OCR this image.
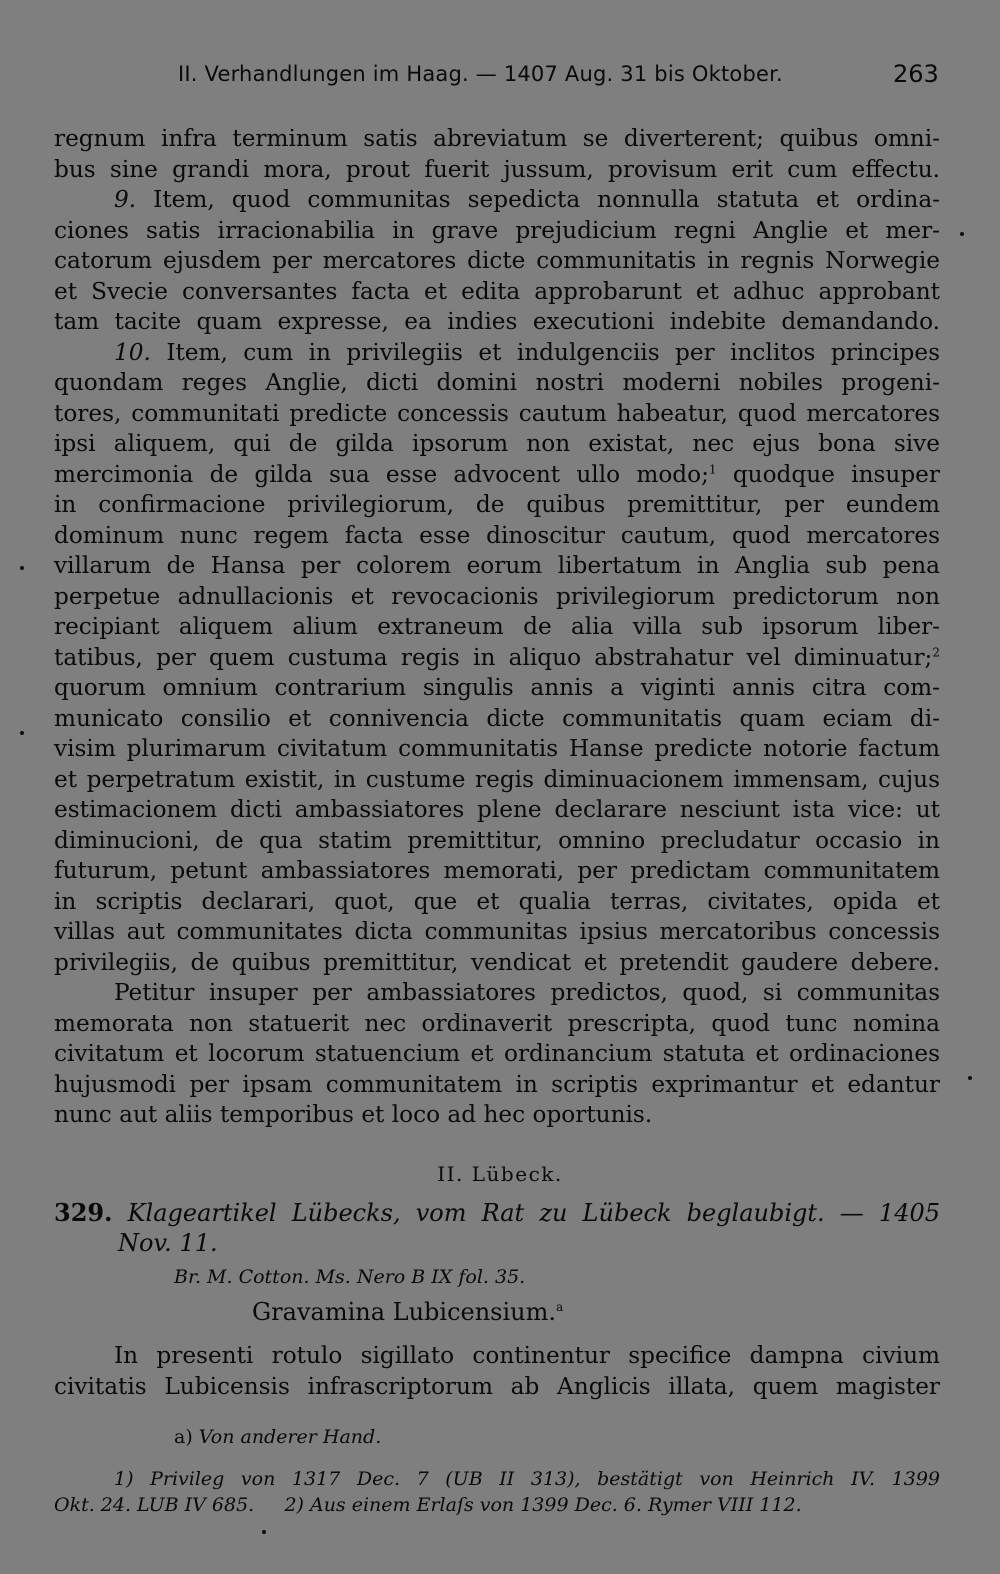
II. Verhandlungen im Haag. — 1407 Aug. 31 bis Oktober.	263
regnum infra terminum satis abreviatum se diverterent; quibus omni-
bus sine grandi mora, prout fuerit jussum, provisum erit cum effectu.
9. Item, quod communitas sepedicta nonnulla statuta et ordina-
ciones satis irracionabilia in grave prejudicium regni Anglie et mer-
catorum ejusdem per mercatores dicte communitatis in regnis Norwegie
et Svecie conversantes facta et edita approbarunt et adhuc approbant
tam tacite quam expresse, ea indies executioni indebite demandando.
10. Item, cum in privilegiis et indulgenciis per inclitos principes
quondam reges Anglie, dicti domini nostri moderni nobiles progeni-
tores, communitati predicte concessis cautum habeatur, quod mercatores
ipsi aliquem, qui de gilda ipsorum non existat, nec ejus bona sive
mercimonia de gilda sua esse advocent ullo modo;$^1$ quodque insuper
in confirmacione privilegiorum, de quibus premittitur, per eundem
dominum nunc regem facta esse dinoscitur cautum, quod mercatores
villarum de Hansa per colorem eorum libertatum in Anglia sub pena
perpetue adnullacionis et revocacionis privilegiorum predictorum non
recipiant aliquem alium extraneum de alia villa sub ipsorum liber-
tatibus, per quem custuma regis in aliquo abstrahatur vel diminuatur;$^2$
quorum omnium contrarium singulis annis a viginti annis citra com-
municato consilio et connivencia dicte communitatis quam eciam di-
visim plurimarum civitatum communitatis Hanse predicte notorie factum
et perpetratum existit, in custume regis diminuacionem immensam, cujus
estimacionem dicti ambassiatores plene declarare nesciunt ista vice: ut
diminucioni, de qua statim premittitur, omnino precludatur occasio in
futurum, petunt ambassiatores memorati, per predictam communitatem
in scriptis declarari, quot, que et qualia terras, civitates, opida et
villas aut communitates dicta communitas ipsius mercatoribus concessis
privilegiis, de quibus premittitur, vendicat et pretendit gaudere debere.
Petitur insuper per ambassiatores predictos, quod, si communitas
memorata non statuerit nec ordinaverit prescripta, quod tunc nomina
civitatum et locorum statuencium et ordinancium statuta et ordinaciones
hujusmodi per ipsam communitatem in scriptis exprimantur et edantur
nunc aut aliis temporibus et loco ad hec oportunis.
II. Lübeck.
329. Klageartikel Lübecks, vom Rat zu Lübeck beglaubigt. — 1405
Nov. 11.
Br. M. Cotton. Ms. Nero B IX fol. 35.
Gravamina Lubicensium.$^a$
In presenti rotulo sigillato continentur specifice dampna civium
civitatis Lubicensis infrascriptorum ab Anglicis illata, quem magister
a) Von anderer Hand.
1) Privileg von 1317 Dec. 7 (UB II 313), bestätigt von Heinrich IV. 1399
Okt. 24. LUB IV 685. 2) Aus einem Erlaſs von 1399 Dec. 6. Rymer VIII 112.
